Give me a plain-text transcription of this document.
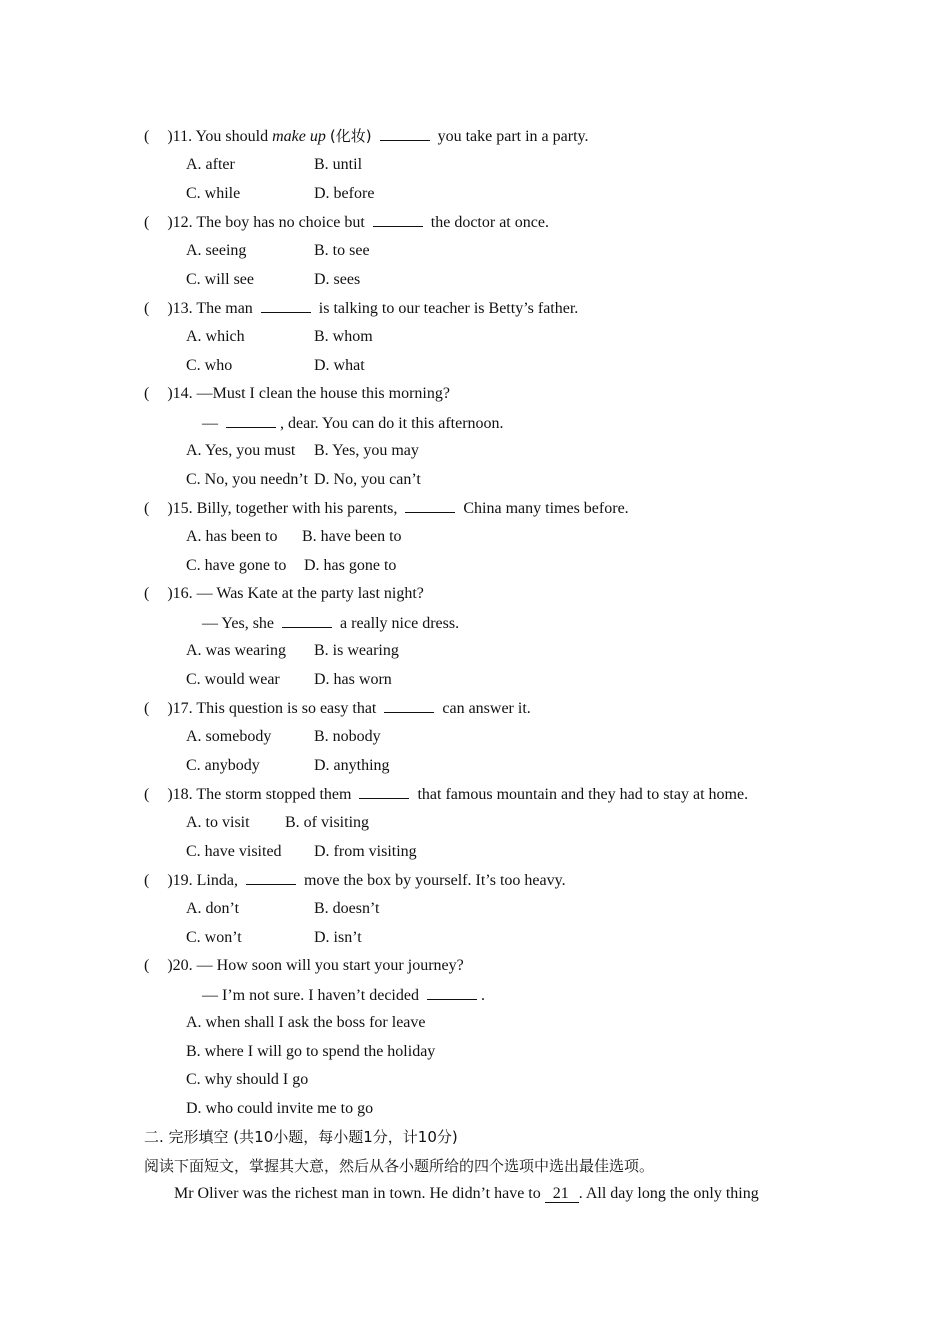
( )11. You should make up (化妆)	you take part in a party.
A. after	B. until
C. while	D. before
( )12. The boy has no choice but	the doctor at once.
A. seeing	B. to see
C. will see	D. sees
( )13. The man	is talking to our teacher is Betty’s father.
A. which	B. whom
C. who	D. what
( )14. —Must I clean the house this morning?
—	, dear. You can do it this afternoon.
A. Yes, you must B. Yes, you may
C. No, you needn’t D. No, you can’t
( )15. Billy, together with his parents,	China many times before.
A. has been to B. have been to
C. have gone to D. has gone to
( )16. — Was Kate at the party last night?
— Yes, she	a really nice dress.
A. was wearing B. is wearing
C. would wear D. has worn
( )17. This question is so easy that	can answer it.
A. somebody	B. nobody
C. anybody	D. anything
( )18. The storm stopped them	that famous mountain and they had to stay at home.
A. to visit B. of visiting
C. have visited D. from visiting
( )19. Linda,	move the box by yourself. It’s too heavy.
A. don’t	B. doesn’t
C. won’t	D. isn’t
( )20. — How soon will you start your journey?
— I’m not sure. I haven’t decided	.
A. when shall I ask the boss for leave
B. where I will go to spend the holiday
C. why should I go
D. who could invite me to go
二. 完形填空 (共10小题，每小题1分，计10分)
阅读下面短文，掌握其大意，然后从各小题所给的四个选项中选出最佳选项。
Mr Oliver was the richest man in town. He didn’t have to 21 . All day long the only thing
